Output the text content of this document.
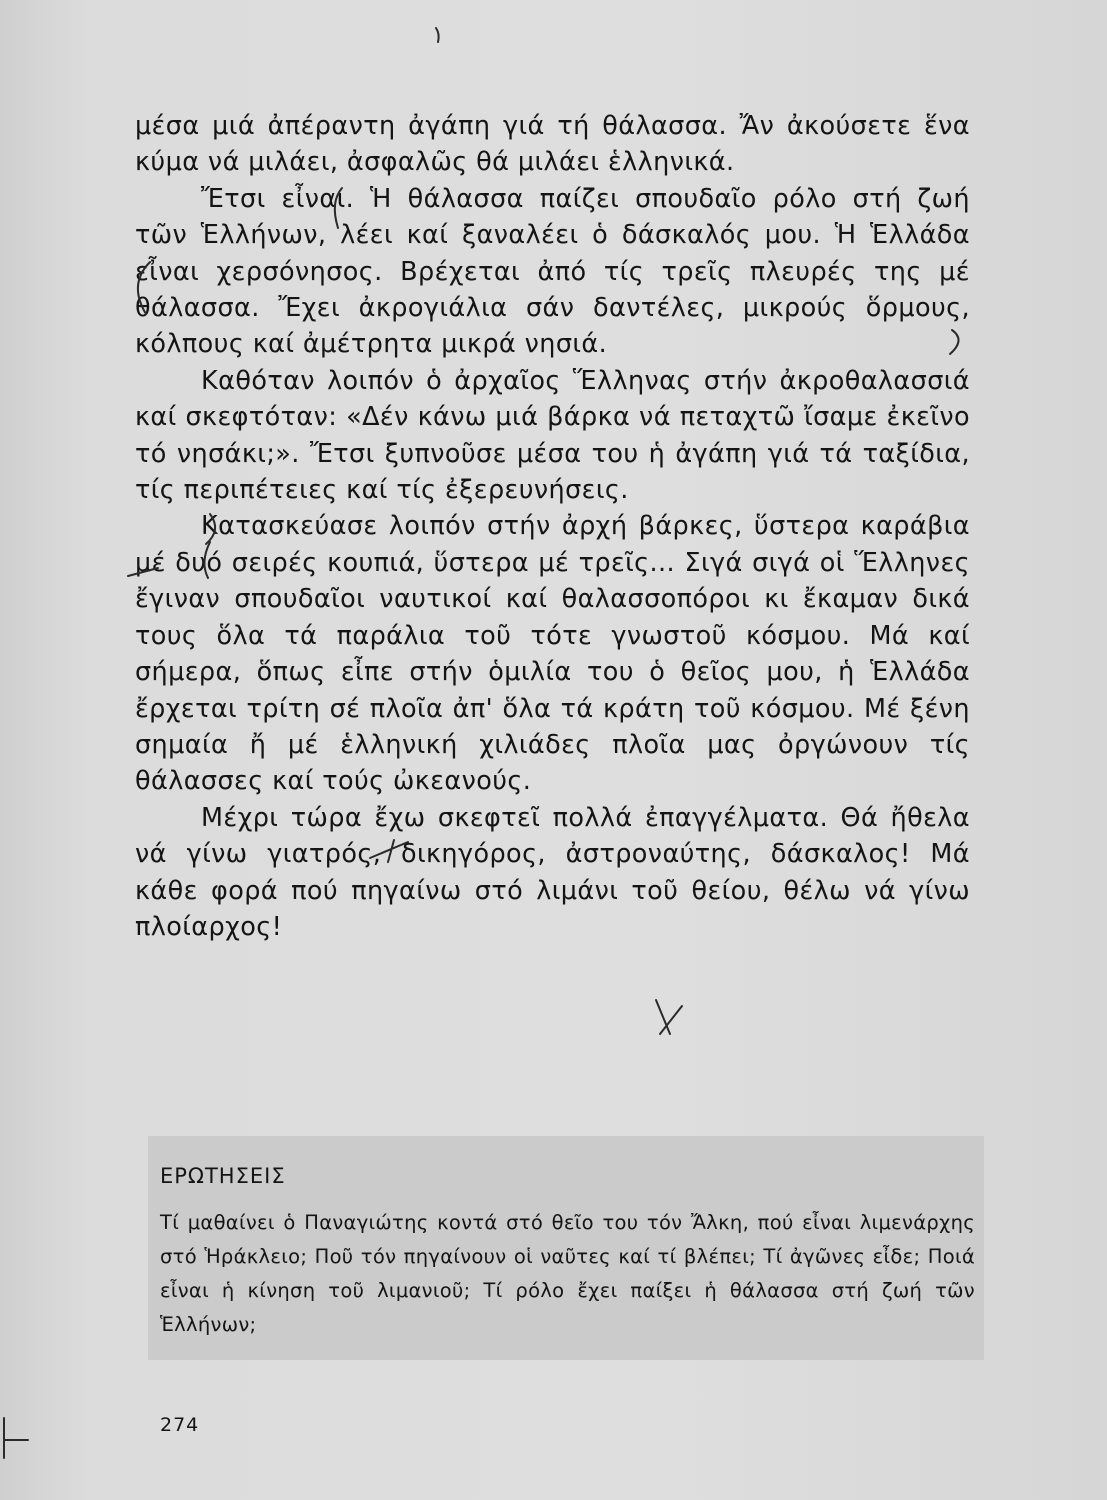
μέσα μιά ἀπέραντη ἀγάπη γιά τή θάλασσα. Ἄν ἀκούσετε ἕνα κύμα νά μιλάει, ἀσφαλῶς θά μιλάει ἑλληνικά.

Ἔτσι εἶναι. Ἡ θάλασσα παίζει σπουδαῖο ρόλο στή ζωή τῶν Ἑλλήνων, λέει καί ξαναλέει ὁ δάσκαλός μου. Ἡ Ἑλλάδα εἶναι χερσόνησος. Βρέχεται ἀπό τίς τρεῖς πλευρές της μέ θάλασσα. Ἔχει ἀκρογιάλια σάν δαντέλες, μικρούς ὅρμους, κόλπους καί ἀμέτρητα μικρά νησιά.

Καθόταν λοιπόν ὁ ἀρχαῖος Ἕλληνας στήν ἀκροθαλασσιά καί σκεφτόταν: «Δέν κάνω μιά βάρκα νά πεταχτῶ ἴσαμε ἐκεῖνο τό νησάκι;». Ἔτσι ξυπνοῦσε μέσα του ἡ ἀγάπη γιά τά ταξίδια, τίς περιπέτειες καί τίς ἐξερευνήσεις.

Κατασκεύασε λοιπόν στήν ἀρχή βάρκες, ὕστερα καράβια μέ δυό σειρές κουπιά, ὕστερα μέ τρεῖς... Σιγά σιγά οἱ Ἕλληνες ἔγιναν σπουδαῖοι ναυτικοί καί θαλασσοπόροι κι ἔκαμαν δικά τους ὅλα τά παράλια τοῦ τότε γνωστοῦ κόσμου. Μά καί σήμερα, ὅπως εἶπε στήν ὁμιλία του ὁ θεῖος μου, ἡ Ἑλλάδα ἔρχεται τρίτη σέ πλοῖα ἀπ' ὅλα τά κράτη τοῦ κόσμου. Μέ ξένη σημαία ἤ μέ ἑλληνική χιλιάδες πλοῖα μας ὀργώνουν τίς θάλασσες καί τούς ὠκεανούς.

Μέχρι τώρα ἔχω σκεφτεῖ πολλά ἐπαγγέλματα. Θά ἤθελα νά γίνω γιατρός, δικηγόρος, ἀστροναύτης, δάσκαλος! Μά κάθε φορά πού πηγαίνω στό λιμάνι τοῦ θείου, θέλω νά γίνω πλοίαρχος!

ΕΡΩΤΗΣΕΙΣ
Τί μαθαίνει ὁ Παναγιώτης κοντά στό θεῖο του τόν Ἄλκη, πού εἶναι λιμενάρχης στό Ἡράκλειο; Ποῦ τόν πηγαίνουν οἱ ναῦτες καί τί βλέπει; Τί ἀγῶνες εἶδε; Ποιά εἶναι ἡ κίνηση τοῦ λιμανιοῦ; Τί ρόλο ἔχει παίξει ἡ θάλασσα στή ζωή τῶν Ἑλλήνων;
274
